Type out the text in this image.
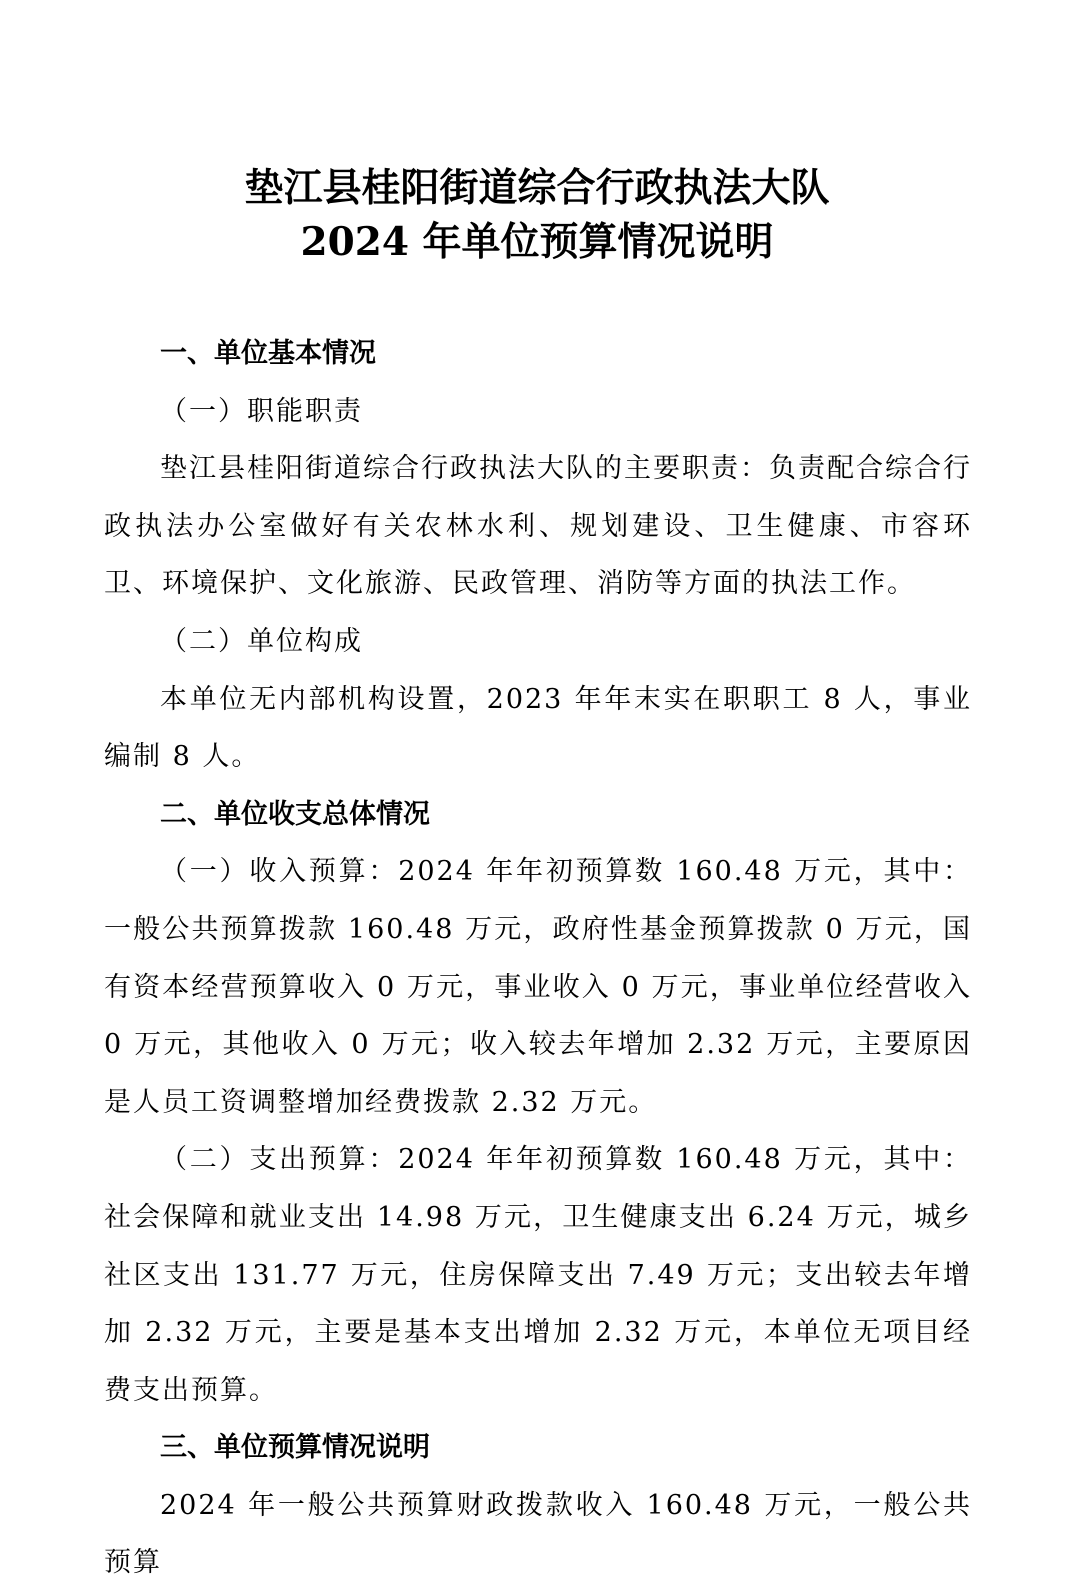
垫江县桂阳街道综合行政执法大队
2024 年单位预算情况说明

一、单位基本情况

（一）职能职责

垫江县桂阳街道综合行政执法大队的主要职责：负责配合综合行政执法办公室做好有关农林水利、规划建设、卫生健康、市容环卫、环境保护、文化旅游、民政管理、消防等方面的执法工作。

（二）单位构成

本单位无内部机构设置，2023 年年末实在职职工 8 人，事业编制 8 人。

二、单位收支总体情况

（一）收入预算：2024 年年初预算数 160.48 万元，其中：一般公共预算拨款 160.48 万元，政府性基金预算拨款 0 万元，国有资本经营预算收入 0 万元，事业收入 0 万元，事业单位经营收入 0 万元，其他收入 0 万元；收入较去年增加 2.32 万元，主要原因是人员工资调整增加经费拨款 2.32 万元。

（二）支出预算：2024 年年初预算数 160.48 万元，其中：社会保障和就业支出 14.98 万元，卫生健康支出 6.24 万元，城乡社区支出 131.77 万元，住房保障支出 7.49 万元；支出较去年增加 2.32 万元，主要是基本支出增加 2.32 万元，本单位无项目经费支出预算。

三、单位预算情况说明

2024 年一般公共预算财政拨款收入 160.48 万元，一般公共预算
